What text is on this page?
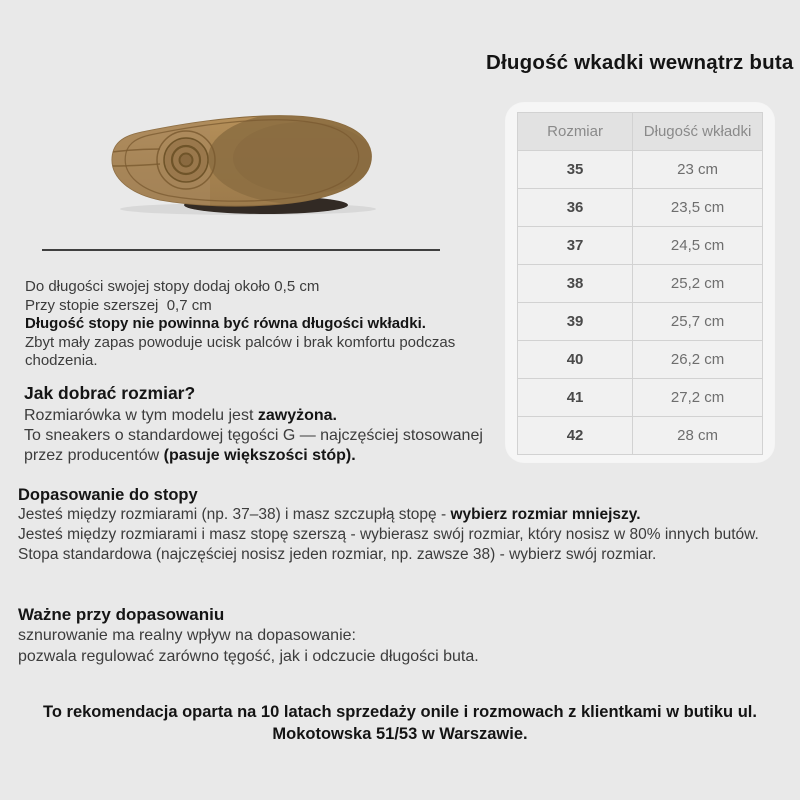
Długość wkadki wewnątrz buta
Rozmiar	Długość wkładki
35	23 cm
36	23,5 cm
37	24,5 cm
38	25,2 cm
39	25,7 cm
40	26,2 cm
41	27,2 cm
42	28 cm
Do długości swojej stopy dodaj około 0,5 cm
Przy stopie szerszej  0,7 cm
Długość stopy nie powinna być równa długości wkładki.
Zbyt mały zapas powoduje ucisk palców i brak komfortu podczas chodzenia.
Jak dobrać rozmiar?
Rozmiarówka w tym modelu jest zawyżona.
To sneakers o standardowej tęgości G — najczęściej stosowanej przez producentów (pasuje większości stóp).
Dopasowanie do stopy
Jesteś między rozmiarami (np. 37–38) i masz szczupłą stopę - wybierz rozmiar mniejszy.
Jesteś między rozmiarami i masz stopę szerszą - wybierasz swój rozmiar, który nosisz w 80% innych butów.
Stopa standardowa (najczęściej nosisz jeden rozmiar, np. zawsze 38) - wybierz swój rozmiar.
Ważne przy dopasowaniu
sznurowanie ma realny wpływ na dopasowanie:
pozwala regulować zarówno tęgość, jak i odczucie długości buta.
To rekomendacja oparta na 10 latach sprzedaży onile i rozmowach z klientkami w butiku ul. Mokotowska 51/53 w Warszawie.
